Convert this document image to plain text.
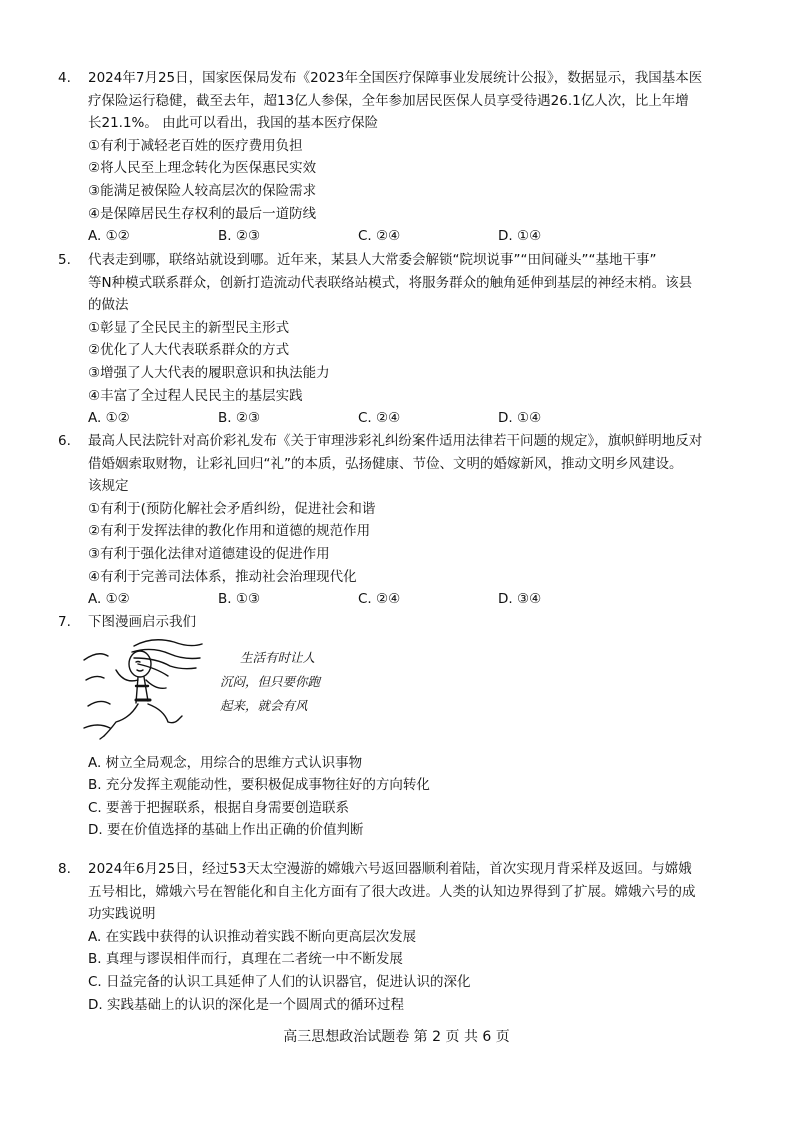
4. 2024年7月25日，国家医保局发布《2023年全国医疗保障事业发展统计公报》，数据显示，我国基本医

疗保险运行稳健，截至去年，超13亿人参保，全年参加居民医保人员享受待遇26.1亿人次，比上年增

长21.1%。 由此可以看出，我国的基本医疗保险

①有利于减轻老百姓的医疗费用负担
②将人民至上理念转化为医保惠民实效
③能满足被保险人较高层次的保险需求
④是保障居民生存权利的最后一道防线
A. ①②	B. ②③	C. ②④	D. ①④
5. 代表走到哪，联络站就设到哪。近年来，某县人大常委会解锁“院坝说事”“田间碰头”“基地干事”

等N种模式联系群众，创新打造流动代表联络站模式，将服务群众的触角延伸到基层的神经末梢。该县

的做法

①彰显了全民民主的新型民主形式
②优化了人大代表联系群众的方式
③增强了人大代表的履职意识和执法能力
④丰富了全过程人民民主的基层实践
A. ①②	B. ②③	C. ②④	D. ①④
6. 最高人民法院针对高价彩礼发布《关于审理涉彩礼纠纷案件适用法律若干问题的规定》，旗帜鲜明地反对

借婚姻索取财物，让彩礼回归“礼”的本质，弘扬健康、节俭、文明的婚嫁新风，推动文明乡风建设。

该规定

①有利于(预防化解社会矛盾纠纷，促进社会和谐
②有利于发挥法律的教化作用和道德的规范作用
③有利于强化法律对道德建设的促进作用
④有利于完善司法体系，推动社会治理现代化
A. ①②	B. ①③	C. ②④	D. ③④
7. 下图漫画启示我们

生活有时让人
沉闷，但只要你跑
起来，就会有风
A. 树立全局观念，用综合的思维方式认识事物
B. 充分发挥主观能动性，要积极促成事物往好的方向转化
C. 要善于把握联系，根据自身需要创造联系
D. 要在价值选择的基础上作出正确的价值判断
8. 2024年6月25日，经过53天太空漫游的嫦娥六号返回器顺利着陆，首次实现月背采样及返回。与嫦娥

五号相比，嫦娥六号在智能化和自主化方面有了很大改进。人类的认知边界得到了扩展。嫦娥六号的成

功实践说明

A. 在实践中获得的认识推动着实践不断向更高层次发展
B. 真理与谬误相伴而行，真理在二者统一中不断发展
C. 日益完备的认识工具延伸了人们的认识器官，促进认识的深化
D. 实践基础上的认识的深化是一个圆周式的循环过程
高三思想政治试题卷 第 2 页 共 6 页
